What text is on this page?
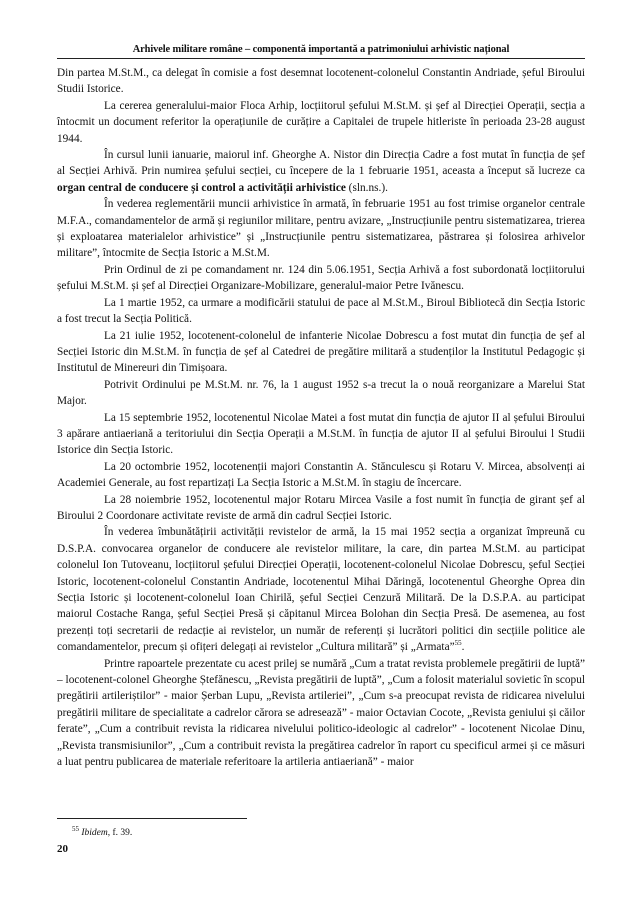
Arhivele militare române – componentă importantă a patrimoniului arhivistic național

Din partea M.St.M., ca delegat în comisie a fost desemnat locotenent-colonelul Constantin Andriade, șeful Biroului Studii Istorice.

La cererea generalului-maior Floca Arhip, locțiitorul șefului M.St.M. și șef al Direcției Operații, secția a întocmit un document referitor la operațiunile de curățire a Capitalei de trupele hitleriste în perioada 23-28 august 1944.

În cursul lunii ianuarie, maiorul inf. Gheorghe A. Nistor din Direcția Cadre a fost mutat în funcția de șef al Secției Arhivă. Prin numirea șefului secției, cu începere de la 1 februarie 1951, aceasta a început să lucreze ca organ central de conducere și control a activității arhivistice (sln.ns.).

În vederea reglementării muncii arhivistice în armată, în februarie 1951 au fost trimise organelor centrale M.F.A., comandamentelor de armă și regiunilor militare, pentru avizare, „Instrucțiunile pentru sistematizarea, trierea și exploatarea materialelor arhivistice” și „Instrucțiunile pentru sistematizarea, păstrarea și folosirea arhivelor militare”, întocmite de Secția Istoric a M.St.M.

Prin Ordinul de zi pe comandament nr. 124 din 5.06.1951, Secția Arhivă a fost subordonată locțiitorului șefului M.St.M. și șef al Direcției Organizare-Mobilizare, generalul-maior Petre Ivănescu.

La 1 martie 1952, ca urmare a modificării statului de pace al M.St.M., Biroul Bibliotecă din Secția Istoric a fost trecut la Secția Politică.

La 21 iulie 1952, locotenent-colonelul de infanterie Nicolae Dobrescu a fost mutat din funcția de șef al Secției Istoric din M.St.M. în funcția de șef al Catedrei de pregătire militară a studenților la Institutul Pedagogic și Institutul de Minereuri din Timișoara.

Potrivit Ordinului pe M.St.M. nr. 76, la 1 august 1952 s-a trecut la o nouă reorganizare a Marelui Stat Major.

La 15 septembrie 1952, locotenentul Nicolae Matei a fost mutat din funcția de ajutor II al șefului Biroului 3 apărare antiaeriană a teritoriului din Secția Operații a M.St.M. în funcția de ajutor II al șefului Biroului l Studii Istorice din Secția Istoric.

La 20 octombrie 1952, locotenenții majori Constantin A. Stănculescu și Rotaru V. Mircea, absolvenți ai Academiei Generale, au fost repartizați La Secția Istoric a M.St.M. în stagiu de încercare.

La 28 noiembrie 1952, locotenentul major Rotaru Mircea Vasile a fost numit în funcția de girant șef al Biroului 2 Coordonare activitate reviste de armă din cadrul Secției Istoric.

În vederea îmbunătățirii activității revistelor de armă, la 15 mai 1952 secția a organizat împreună cu D.S.P.A. convocarea organelor de conducere ale revistelor militare, la care, din partea M.St.M. au participat colonelul Ion Tutoveanu, locțiitorul șefului Direcției Operații, locotenent-colonelul Nicolae Dobrescu, șeful Secției Istoric, locotenent-colonelul Constantin Andriade, locotenentul Mihai Dăringă, locotenentul Gheorghe Oprea din Secția Istoric și locotenent-colonelul Ioan Chirilă, șeful Secției Cenzură Militară. De la D.S.P.A. au participat maiorul Costache Ranga, șeful Secției Presă și căpitanul Mircea Bolohan din Secția Presă. De asemenea, au fost prezenți toți secretarii de redacție ai revistelor, un număr de referenți și lucrători politici din secțiile politice ale comandamentelor, precum și ofițeri delegați ai revistelor „Cultura militară” și „Armata”$^{55}$.

Printre rapoartele prezentate cu acest prilej se numără „Cum a tratat revista problemele pregătirii de luptă” – locotenent-colonel Gheorghe Ștefănescu, „Revista pregătirii de luptă”, „Cum a folosit materialul sovietic în scopul pregătirii artileriștilor” - maior Șerban Lupu, „Revista artileriei”, „Cum s-a preocupat revista de ridicarea nivelului pregătirii militare de specialitate a cadrelor cărora se adresează” - maior Octavian Cocote, „Revista geniului și căilor ferate”, „Cum a contribuit revista la ridicarea nivelului politico-ideologic al cadrelor” - locotenent Nicolae Dinu, „Revista transmisiunilor”, „Cum a contribuit revista la pregătirea cadrelor în raport cu specificul armei și ce măsuri a luat pentru publicarea de materiale referitoare la artileria antiaeriană” - maior

$^{55}$ Ibidem, f. 39.
20
